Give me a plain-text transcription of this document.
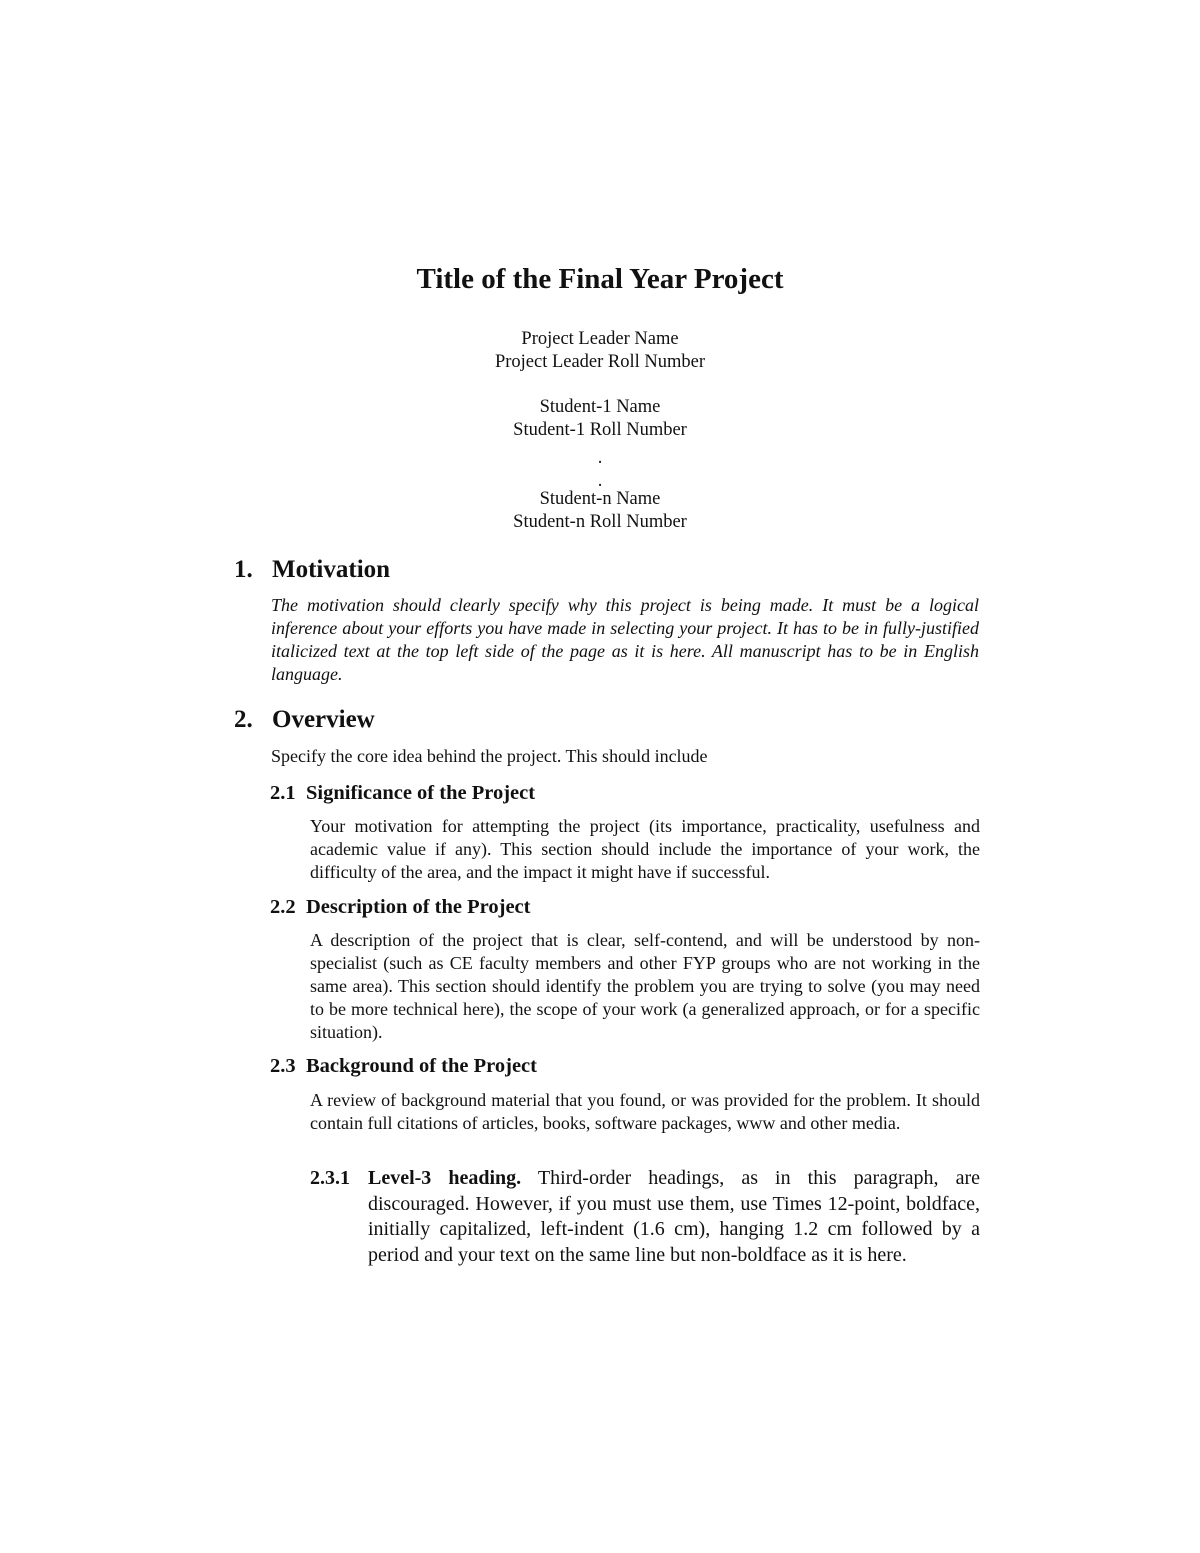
Title of the Final Year Project
Project Leader Name
Project Leader Roll Number
Student-1 Name
Student-1 Roll Number
.
.
Student-n Name
Student-n Roll Number
1. Motivation

The motivation should clearly specify why this project is being made. It must be a logical inference about your efforts you have made in selecting your project. It has to be in fully-justified italicized text at the top left side of the page as it is here. All manuscript has to be in English language.

2. Overview

Specify the core idea behind the project. This should include

2.1 Significance of the Project

Your motivation for attempting the project (its importance, practicality, usefulness and academic value if any). This section should include the importance of your work, the difficulty of the area, and the impact it might have if successful.

2.2 Description of the Project

A description of the project that is clear, self-contend, and will be understood by non-specialist (such as CE faculty members and other FYP groups who are not working in the same area). This section should identify the problem you are trying to solve (you may need to be more technical here), the scope of your work (a generalized approach, or for a specific situation).

2.3 Background of the Project

A review of background material that you found, or was provided for the problem. It should contain full citations of articles, books, software packages, www and other media.

2.3.1 Level-3 heading. Third-order headings, as in this paragraph, are discouraged. However, if you must use them, use Times 12-point, boldface, initially capitalized, left-indent (1.6 cm), hanging 1.2 cm followed by a period and your text on the same line but non-boldface as it is here.
